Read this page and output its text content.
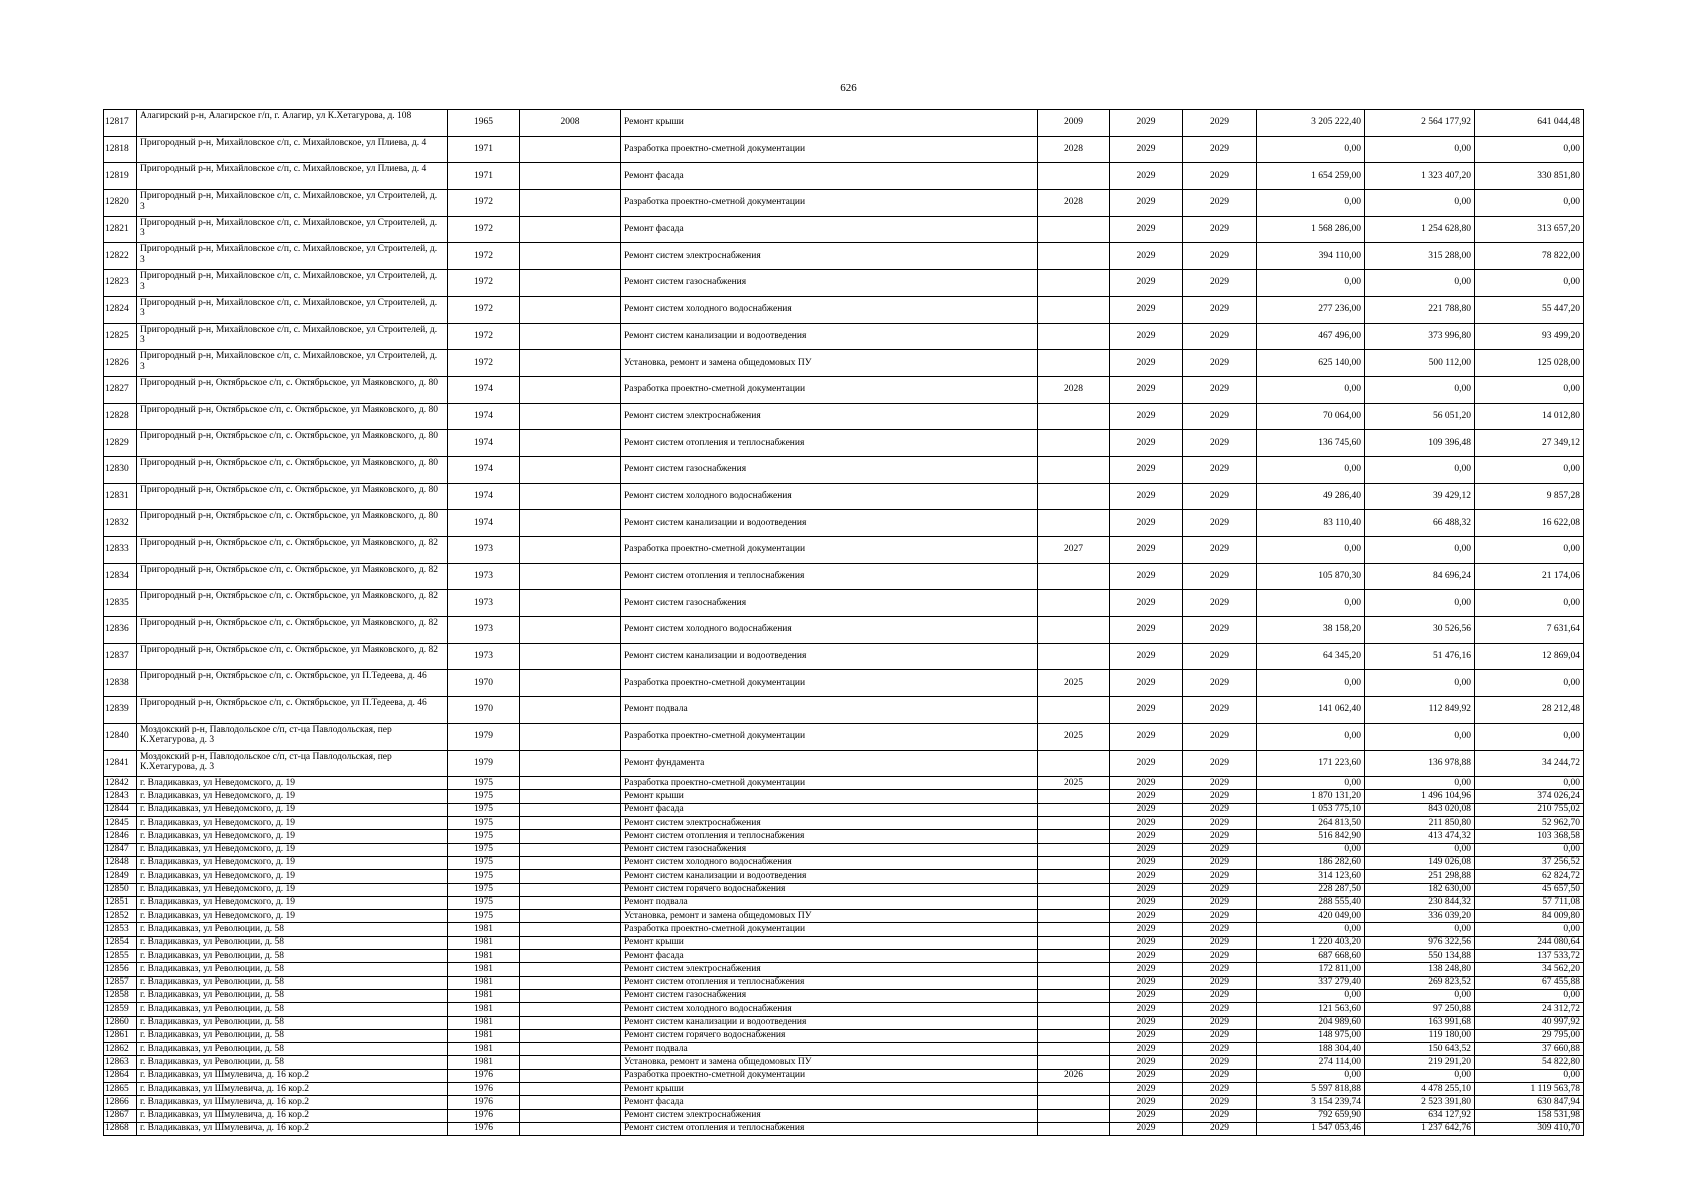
626
12817	Алагирский р-н, Алагирское г/п, г. Алагир, ул К.Хетагурова, д. 108	1965	2008	Ремонт крыши	2009	2029	2029	3 205 222,40	2 564 177,92	641 044,48
12818	Пригородный р-н, Михайловское с/п, с. Михайловское, ул Плиева, д. 4	1971		Разработка проектно-сметной документации	2028	2029	2029	0,00	0,00	0,00
12819	Пригородный р-н, Михайловское с/п, с. Михайловское, ул Плиева, д. 4	1971		Ремонт фасада		2029	2029	1 654 259,00	1 323 407,20	330 851,80
12820	Пригородный р-н, Михайловское с/п, с. Михайловское, ул Строителей, д. 3	1972		Разработка проектно-сметной документации	2028	2029	2029	0,00	0,00	0,00
12821	Пригородный р-н, Михайловское с/п, с. Михайловское, ул Строителей, д. 3	1972		Ремонт фасада		2029	2029	1 568 286,00	1 254 628,80	313 657,20
12822	Пригородный р-н, Михайловское с/п, с. Михайловское, ул Строителей, д. 3	1972		Ремонт систем электроснабжения		2029	2029	394 110,00	315 288,00	78 822,00
12823	Пригородный р-н, Михайловское с/п, с. Михайловское, ул Строителей, д. 3	1972		Ремонт систем газоснабжения		2029	2029	0,00	0,00	0,00
12824	Пригородный р-н, Михайловское с/п, с. Михайловское, ул Строителей, д. 3	1972		Ремонт систем холодного водоснабжения		2029	2029	277 236,00	221 788,80	55 447,20
12825	Пригородный р-н, Михайловское с/п, с. Михайловское, ул Строителей, д. 3	1972		Ремонт систем канализации и водоотведения		2029	2029	467 496,00	373 996,80	93 499,20
12826	Пригородный р-н, Михайловское с/п, с. Михайловское, ул Строителей, д. 3	1972		Установка, ремонт и замена общедомовых ПУ		2029	2029	625 140,00	500 112,00	125 028,00
12827	Пригородный р-н, Октябрьское с/п, с. Октябрьское, ул Маяковского, д. 80	1974		Разработка проектно-сметной документации	2028	2029	2029	0,00	0,00	0,00
12828	Пригородный р-н, Октябрьское с/п, с. Октябрьское, ул Маяковского, д. 80	1974		Ремонт систем электроснабжения		2029	2029	70 064,00	56 051,20	14 012,80
12829	Пригородный р-н, Октябрьское с/п, с. Октябрьское, ул Маяковского, д. 80	1974		Ремонт систем отопления и теплоснабжения		2029	2029	136 745,60	109 396,48	27 349,12
12830	Пригородный р-н, Октябрьское с/п, с. Октябрьское, ул Маяковского, д. 80	1974		Ремонт систем газоснабжения		2029	2029	0,00	0,00	0,00
12831	Пригородный р-н, Октябрьское с/п, с. Октябрьское, ул Маяковского, д. 80	1974		Ремонт систем холодного водоснабжения		2029	2029	49 286,40	39 429,12	9 857,28
12832	Пригородный р-н, Октябрьское с/п, с. Октябрьское, ул Маяковского, д. 80	1974		Ремонт систем канализации и водоотведения		2029	2029	83 110,40	66 488,32	16 622,08
12833	Пригородный р-н, Октябрьское с/п, с. Октябрьское, ул Маяковского, д. 82	1973		Разработка проектно-сметной документации	2027	2029	2029	0,00	0,00	0,00
12834	Пригородный р-н, Октябрьское с/п, с. Октябрьское, ул Маяковского, д. 82	1973		Ремонт систем отопления и теплоснабжения		2029	2029	105 870,30	84 696,24	21 174,06
12835	Пригородный р-н, Октябрьское с/п, с. Октябрьское, ул Маяковского, д. 82	1973		Ремонт систем газоснабжения		2029	2029	0,00	0,00	0,00
12836	Пригородный р-н, Октябрьское с/п, с. Октябрьское, ул Маяковского, д. 82	1973		Ремонт систем холодного водоснабжения		2029	2029	38 158,20	30 526,56	7 631,64
12837	Пригородный р-н, Октябрьское с/п, с. Октябрьское, ул Маяковского, д. 82	1973		Ремонт систем канализации и водоотведения		2029	2029	64 345,20	51 476,16	12 869,04
12838	Пригородный р-н, Октябрьское с/п, с. Октябрьское, ул П.Тедеева, д. 46	1970		Разработка проектно-сметной документации	2025	2029	2029	0,00	0,00	0,00
12839	Пригородный р-н, Октябрьское с/п, с. Октябрьское, ул П.Тедеева, д. 46	1970		Ремонт подвала		2029	2029	141 062,40	112 849,92	28 212,48
12840	Моздокский р-н, Павлодольское с/п, ст-ца Павлодольская, пер К.Хетагурова, д. 3	1979		Разработка проектно-сметной документации	2025	2029	2029	0,00	0,00	0,00
12841	Моздокский р-н, Павлодольское с/п, ст-ца Павлодольская, пер К.Хетагурова, д. 3	1979		Ремонт фундамента		2029	2029	171 223,60	136 978,88	34 244,72
12842	г. Владикавказ, ул Неведомского, д. 19	1975		Разработка проектно-сметной документации	2025	2029	2029	0,00	0,00	0,00
12843	г. Владикавказ, ул Неведомского, д. 19	1975		Ремонт крыши		2029	2029	1 870 131,20	1 496 104,96	374 026,24
12844	г. Владикавказ, ул Неведомского, д. 19	1975		Ремонт фасада		2029	2029	1 053 775,10	843 020,08	210 755,02
12845	г. Владикавказ, ул Неведомского, д. 19	1975		Ремонт систем электроснабжения		2029	2029	264 813,50	211 850,80	52 962,70
12846	г. Владикавказ, ул Неведомского, д. 19	1975		Ремонт систем отопления и теплоснабжения		2029	2029	516 842,90	413 474,32	103 368,58
12847	г. Владикавказ, ул Неведомского, д. 19	1975		Ремонт систем газоснабжения		2029	2029	0,00	0,00	0,00
12848	г. Владикавказ, ул Неведомского, д. 19	1975		Ремонт систем холодного водоснабжения		2029	2029	186 282,60	149 026,08	37 256,52
12849	г. Владикавказ, ул Неведомского, д. 19	1975		Ремонт систем канализации и водоотведения		2029	2029	314 123,60	251 298,88	62 824,72
12850	г. Владикавказ, ул Неведомского, д. 19	1975		Ремонт систем горячего водоснабжения		2029	2029	228 287,50	182 630,00	45 657,50
12851	г. Владикавказ, ул Неведомского, д. 19	1975		Ремонт подвала		2029	2029	288 555,40	230 844,32	57 711,08
12852	г. Владикавказ, ул Неведомского, д. 19	1975		Установка, ремонт и замена общедомовых ПУ		2029	2029	420 049,00	336 039,20	84 009,80
12853	г. Владикавказ, ул Революции, д. 58	1981		Разработка проектно-сметной документации		2029	2029	0,00	0,00	0,00
12854	г. Владикавказ, ул Революции, д. 58	1981		Ремонт крыши		2029	2029	1 220 403,20	976 322,56	244 080,64
12855	г. Владикавказ, ул Революции, д. 58	1981		Ремонт фасада		2029	2029	687 668,60	550 134,88	137 533,72
12856	г. Владикавказ, ул Революции, д. 58	1981		Ремонт систем электроснабжения		2029	2029	172 811,00	138 248,80	34 562,20
12857	г. Владикавказ, ул Революции, д. 58	1981		Ремонт систем отопления и теплоснабжения		2029	2029	337 279,40	269 823,52	67 455,88
12858	г. Владикавказ, ул Революции, д. 58	1981		Ремонт систем газоснабжения		2029	2029	0,00	0,00	0,00
12859	г. Владикавказ, ул Революции, д. 58	1981		Ремонт систем холодного водоснабжения		2029	2029	121 563,60	97 250,88	24 312,72
12860	г. Владикавказ, ул Революции, д. 58	1981		Ремонт систем канализации и водоотведения		2029	2029	204 989,60	163 991,68	40 997,92
12861	г. Владикавказ, ул Революции, д. 58	1981		Ремонт систем горячего водоснабжения		2029	2029	148 975,00	119 180,00	29 795,00
12862	г. Владикавказ, ул Революции, д. 58	1981		Ремонт подвала		2029	2029	188 304,40	150 643,52	37 660,88
12863	г. Владикавказ, ул Революции, д. 58	1981		Установка, ремонт и замена общедомовых ПУ		2029	2029	274 114,00	219 291,20	54 822,80
12864	г. Владикавказ, ул Шмулевича, д. 16 кор.2	1976		Разработка проектно-сметной документации	2026	2029	2029	0,00	0,00	0,00
12865	г. Владикавказ, ул Шмулевича, д. 16 кор.2	1976		Ремонт крыши		2029	2029	5 597 818,88	4 478 255,10	1 119 563,78
12866	г. Владикавказ, ул Шмулевича, д. 16 кор.2	1976		Ремонт фасада		2029	2029	3 154 239,74	2 523 391,80	630 847,94
12867	г. Владикавказ, ул Шмулевича, д. 16 кор.2	1976		Ремонт систем электроснабжения		2029	2029	792 659,90	634 127,92	158 531,98
12868	г. Владикавказ, ул Шмулевича, д. 16 кор.2	1976		Ремонт систем отопления и теплоснабжения		2029	2029	1 547 053,46	1 237 642,76	309 410,70
